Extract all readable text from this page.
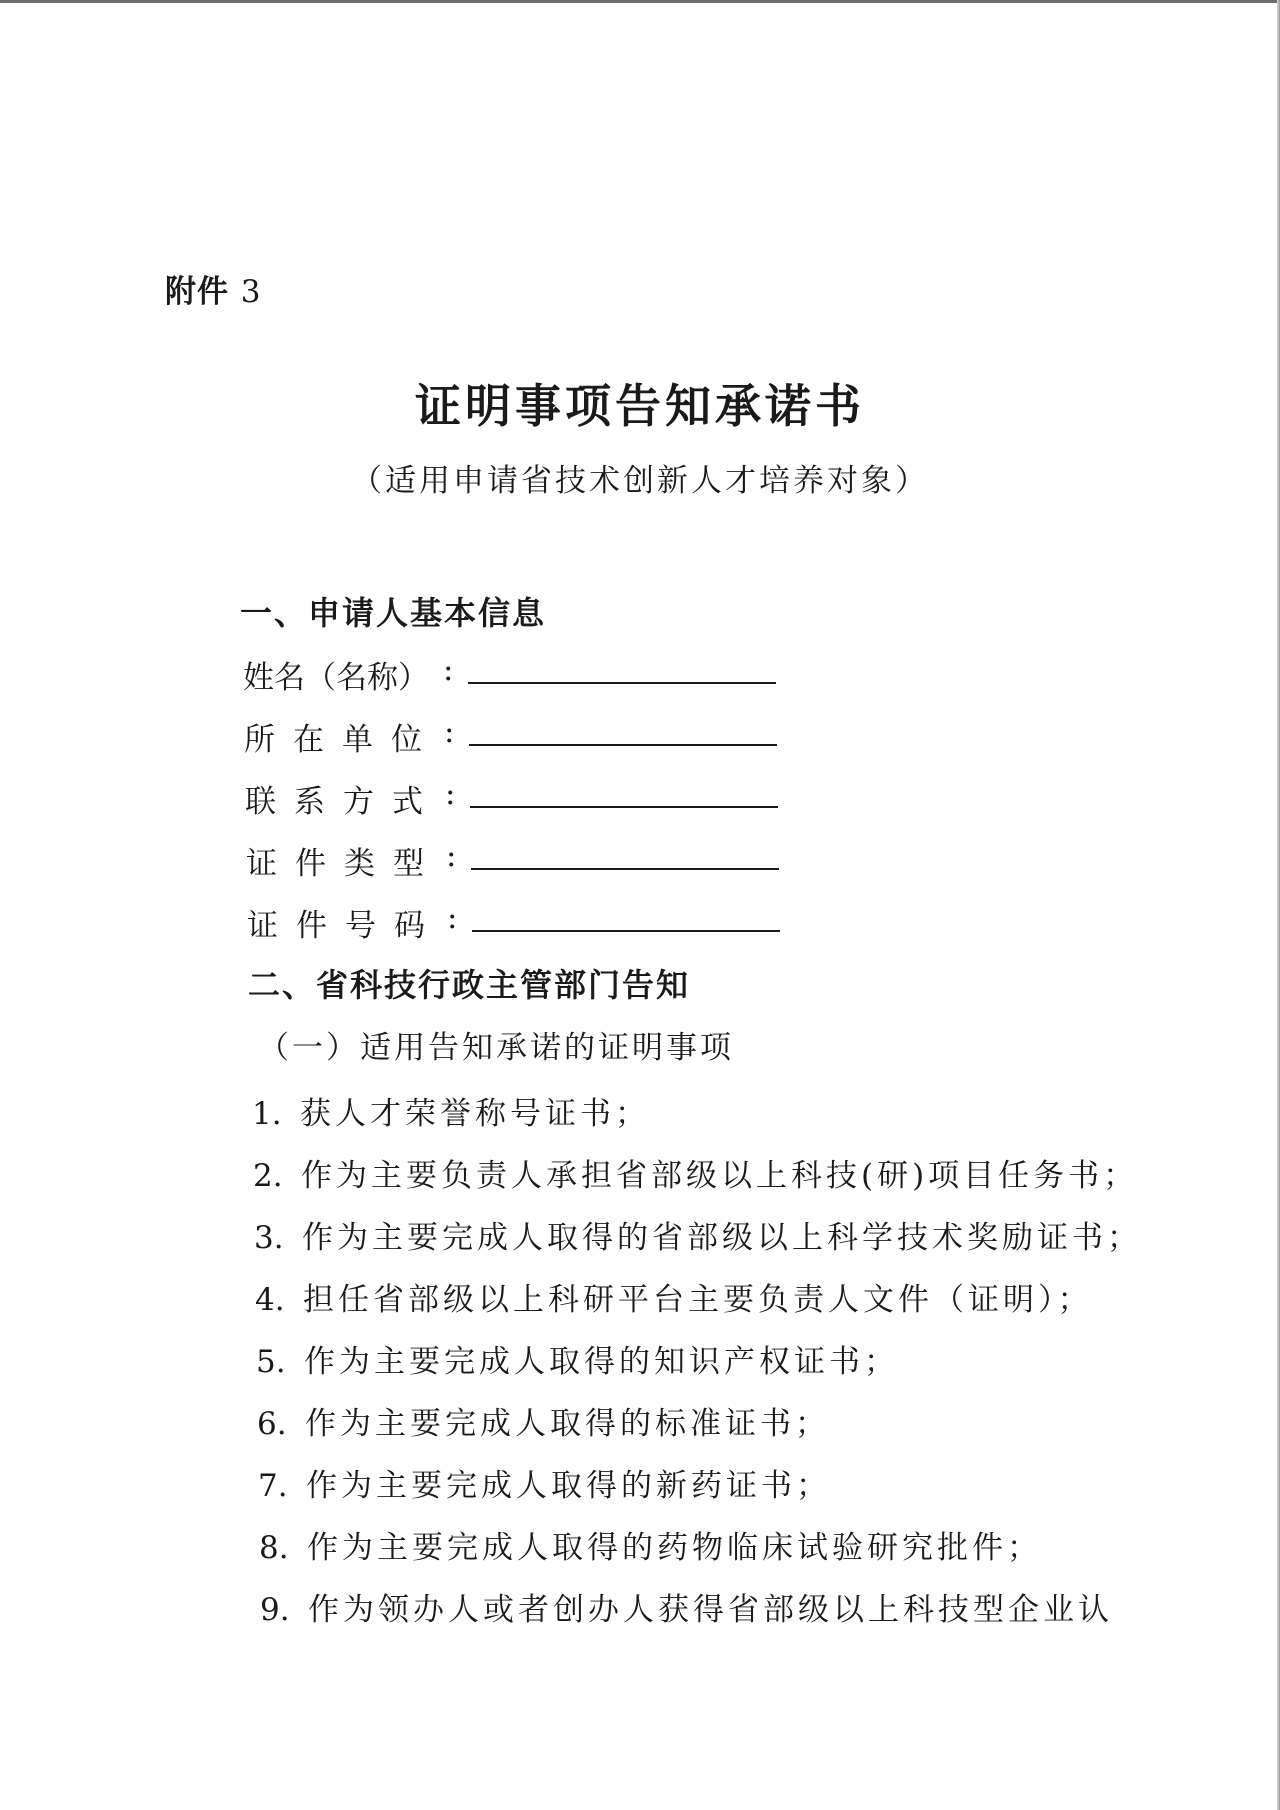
附件 3
证明事项告知承诺书
（适用申请省技术创新人才培养对象）
一、申请人基本信息
姓名（名称） :
所在单位 :
联系方式 :
证件类型 :
证件号码 :
二、省科技行政主管部门告知
（一）适用告知承诺的证明事项
1. 获人才荣誉称号证书；
2. 作为主要负责人承担省部级以上科技(研)项目任务书；
3. 作为主要完成人取得的省部级以上科学技术奖励证书；
4. 担任省部级以上科研平台主要负责人文件（证明）；
5. 作为主要完成人取得的知识产权证书；
6. 作为主要完成人取得的标准证书；
7. 作为主要完成人取得的新药证书；
8. 作为主要完成人取得的药物临床试验研究批件；
9. 作为领办人或者创办人获得省部级以上科技型企业认
